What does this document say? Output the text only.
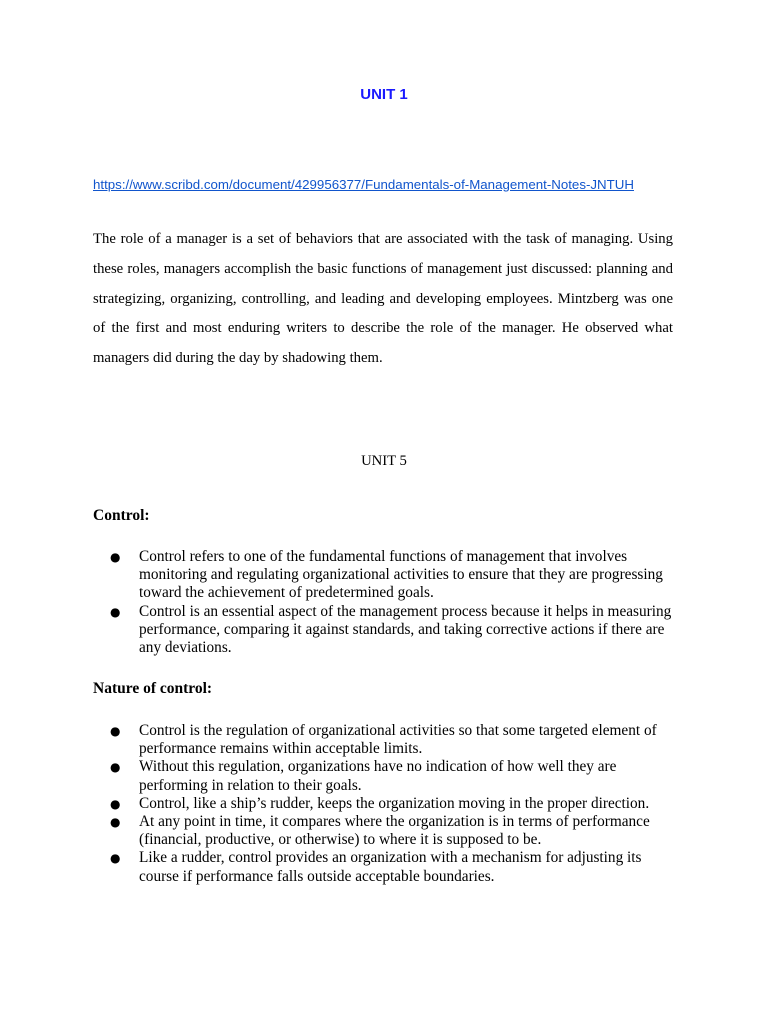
UNIT 1
https://www.scribd.com/document/429956377/Fundamentals-of-Management-Notes-JNTUH

The role of a manager is a set of behaviors that are associated with the task of managing. Using these roles, managers accomplish the basic functions of management just discussed: planning and strategizing, organizing, controlling, and leading and developing employees. Mintzberg was one of the first and most enduring writers to describe the role of the manager. He observed what managers did during the day by shadowing them.

UNIT 5

Control:

●	Control refers to one of the fundamental functions of management that involves monitoring and regulating organizational activities to ensure that they are progressing toward the achievement of predetermined goals.
●	Control is an essential aspect of the management process because it helps in measuring performance, comparing it against standards, and taking corrective actions if there are any deviations.

Nature of control:

●	Control is the regulation of organizational activities so that some targeted element of performance remains within acceptable limits.
●	Without this regulation, organizations have no indication of how well they are performing in relation to their goals.
●	Control, like a ship’s rudder, keeps the organization moving in the proper direction.
●	At any point in time, it compares where the organization is in terms of performance (financial, productive, or otherwise) to where it is supposed to be.
●	Like a rudder, control provides an organization with a mechanism for adjusting its course if performance falls outside acceptable boundaries.
